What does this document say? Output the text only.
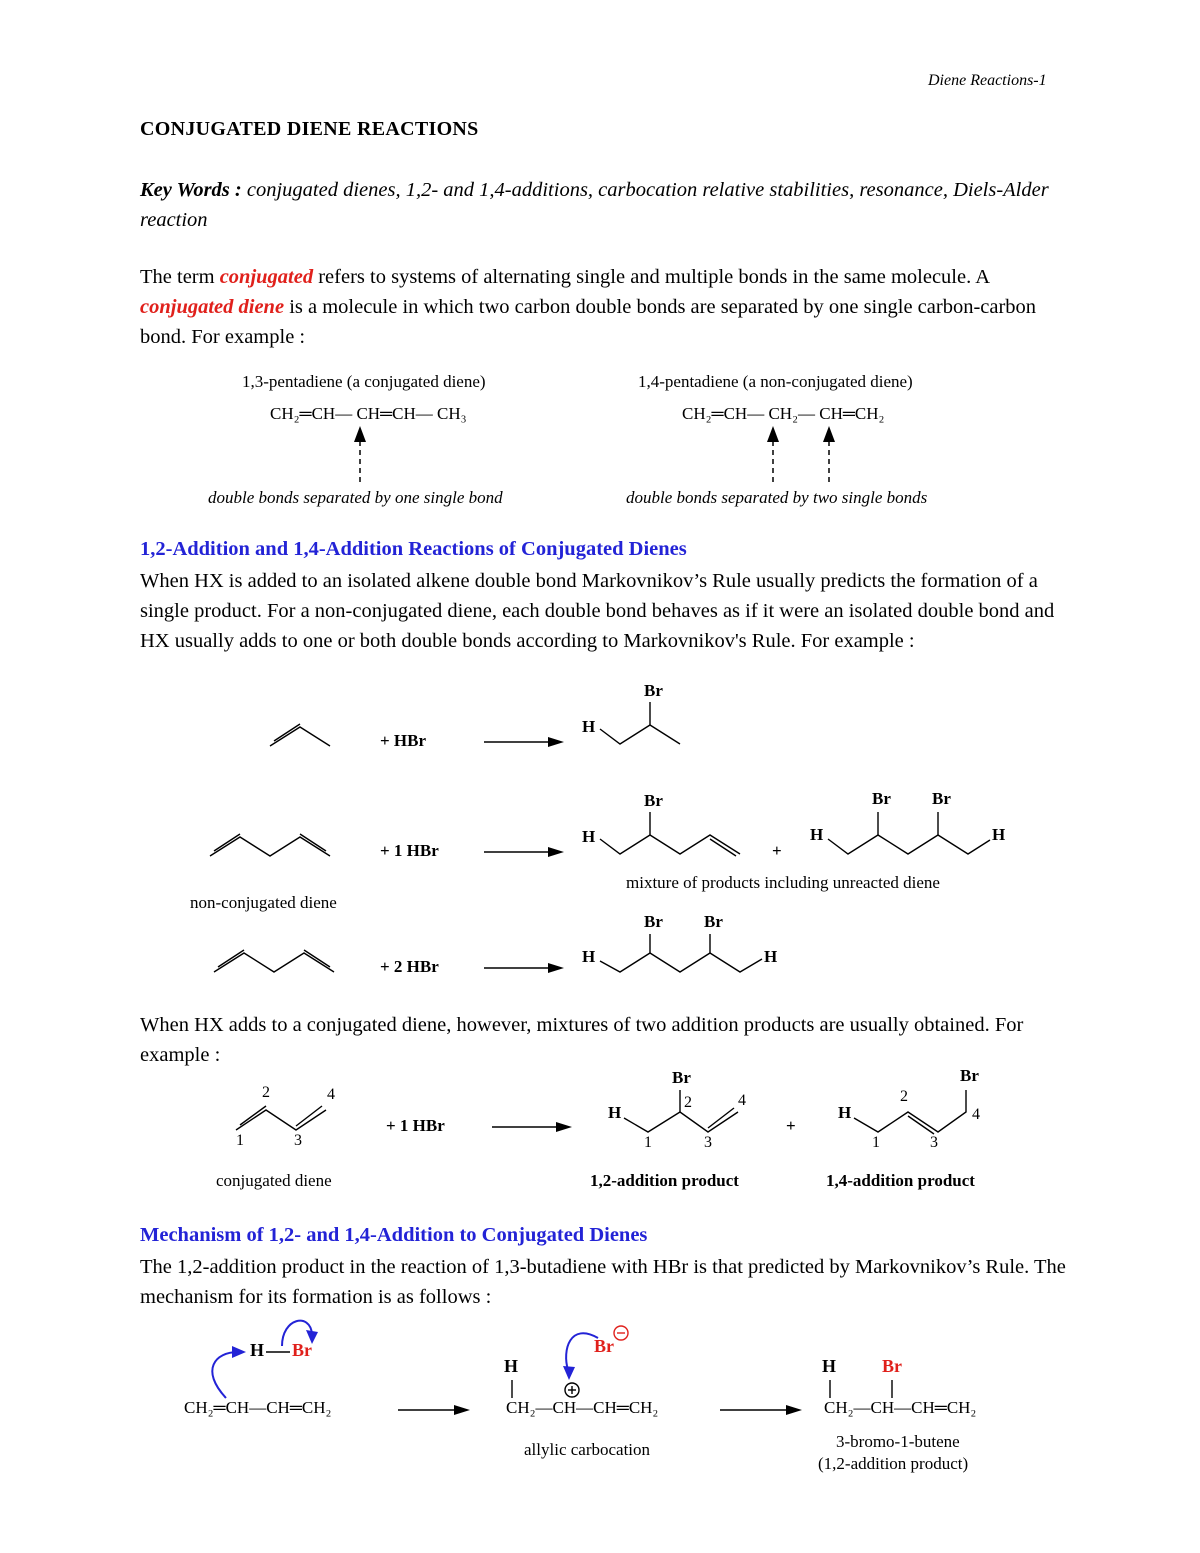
Diene Reactions-1
CONJUGATED DIENE REACTIONS
Key Words : conjugated dienes, 1,2- and 1,4-additions, carbocation relative stabilities, resonance, Diels-Alder reaction
The term conjugated refers to systems of alternating single and multiple bonds in the same molecule. A conjugated diene is a molecule in which two carbon double bonds are separated by one single carbon-carbon bond. For example :
1,3-pentadiene (a conjugated diene)
CH₂═CH— CH═CH— CH₃
double bonds separated by one single bond
1,4-pentadiene (a non-conjugated diene)
CH₂═CH— CH₂— CH═CH₂
double bonds separated by two single bonds
1,2-Addition and 1,4-Addition Reactions of Conjugated Dienes
When HX is added to an isolated alkene double bond Markovnikov’s Rule usually predicts the formation of a single product. For a non-conjugated diene, each double bond behaves as if it were an isolated double bond and HX usually adds to one or both double bonds according to Markovnikov's Rule. For example :
+ HBr
Br
H
+ 1 HBr
Br
H
+
H
Br Br
H
mixture of products including unreacted diene
non-conjugated diene
+ 2 HBr
H
Br Br
H
When HX adds to a conjugated diene, however, mixtures of two addition products are usually obtained. For example :
2	4
1	3
+ 1 HBr
Br
H
2	4
1	3
+
Br
H
2
4
1	3
conjugated diene	1,2-addition product	1,4-addition product
Mechanism of 1,2- and 1,4-Addition to Conjugated Dienes
The 1,2-addition product in the reaction of 1,3-butadiene with HBr is that predicted by Markovnikov’s Rule. The mechanism for its formation is as follows :
H Br
CH₂═CH—CH═CH₂
H
Br
CH₂—CH—CH═CH₂
allylic carbocation
H	Br
CH₂—CH—CH═CH₂
3-bromo-1-butene
(1,2-addition product)
